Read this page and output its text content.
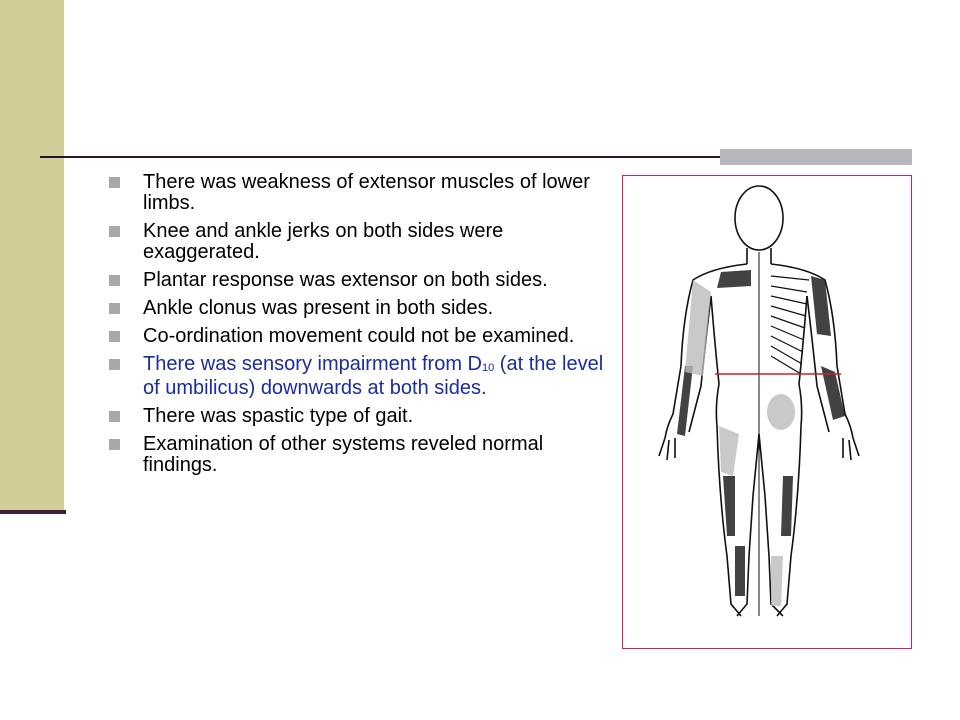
There was weakness of extensor muscles of lower limbs.
Knee and ankle jerks on both sides were exaggerated.
Plantar response was extensor on both sides.
Ankle clonus was present in both sides.
Co-ordination movement could not be examined.
There was sensory impairment from $D_{10}$ (at the level of umbilicus) downwards at both sides.
There was spastic type of gait.
Examination of other systems reveled normal findings.
